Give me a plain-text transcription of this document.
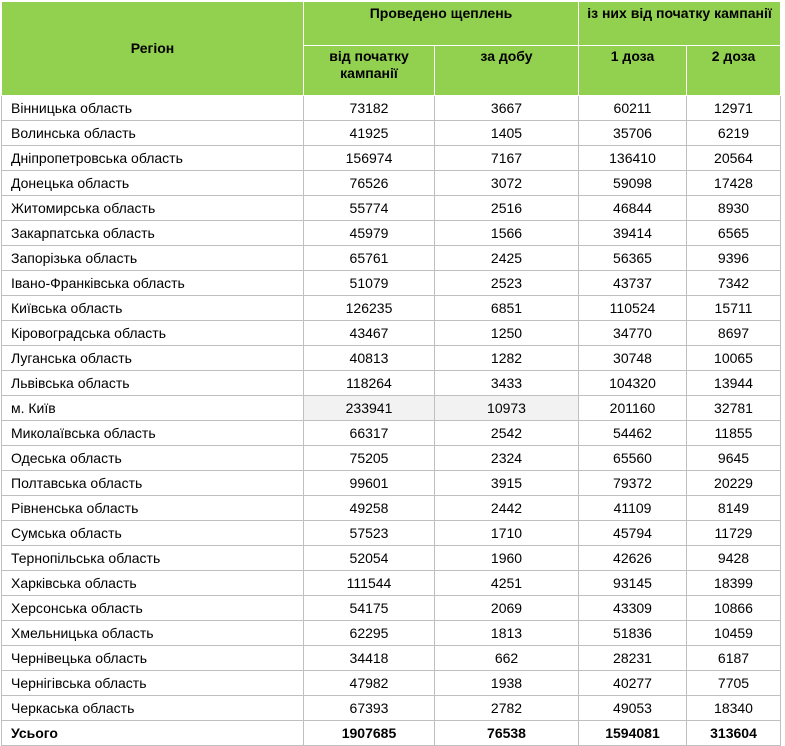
Регіон	Проведено щеплень		із них від початку кампанії	
	від початку кампанії	за добу	1 доза	2 доза
Вінницька область	73182	3667	60211	12971
Волинська область	41925	1405	35706	6219
Дніпропетровська область	156974	7167	136410	20564
Донецька область	76526	3072	59098	17428
Житомирська область	55774	2516	46844	8930
Закарпатська область	45979	1566	39414	6565
Запорізька область	65761	2425	56365	9396
Івано-Франківська область	51079	2523	43737	7342
Київська область	126235	6851	110524	15711
Кіровоградська область	43467	1250	34770	8697
Луганська область	40813	1282	30748	10065
Львівська область	118264	3433	104320	13944
м. Київ	233941	10973	201160	32781
Миколаївська область	66317	2542	54462	11855
Одеська область	75205	2324	65560	9645
Полтавська область	99601	3915	79372	20229
Рівненська область	49258	2442	41109	8149
Сумська область	57523	1710	45794	11729
Тернопільська область	52054	1960	42626	9428
Харківська область	111544	4251	93145	18399
Херсонська область	54175	2069	43309	10866
Хмельницька область	62295	1813	51836	10459
Чернівецька область	34418	662	28231	6187
Чернігівська область	47982	1938	40277	7705
Черкаська область	67393	2782	49053	18340
Усього	1907685	76538	1594081	313604
